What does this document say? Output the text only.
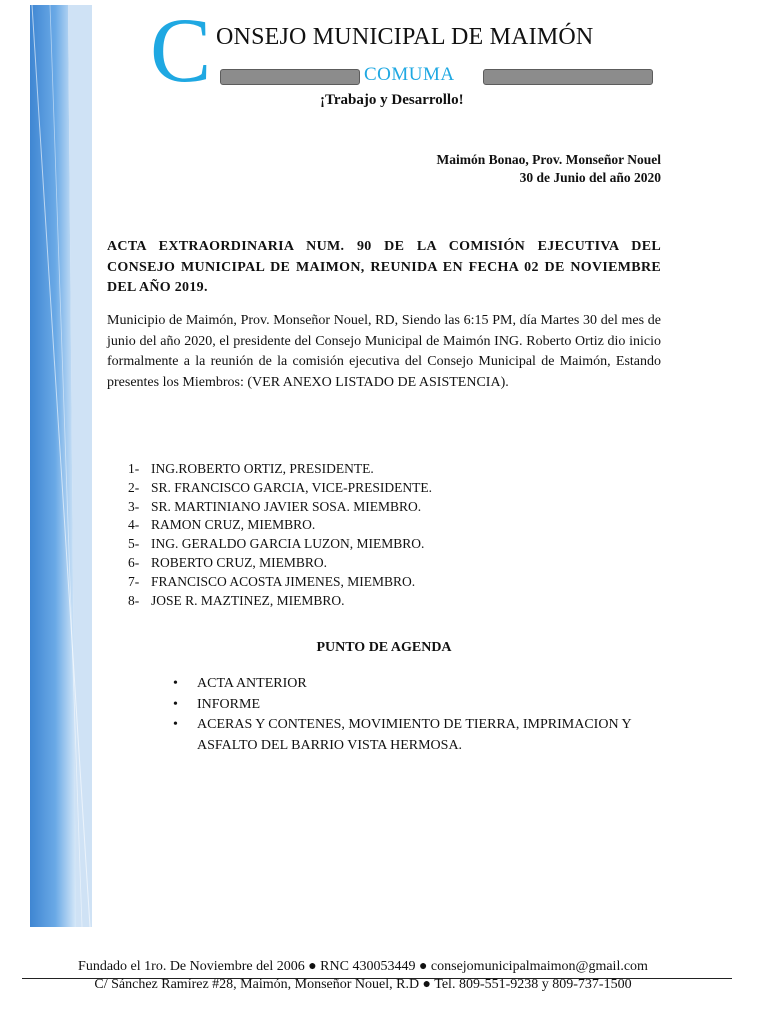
C ONSEJO MUNICIPAL DE MAIMÓN
COMUMA
¡Trabajo y Desarrollo!
Maimón Bonao, Prov. Monseñor Nouel
30 de Junio del año 2020
ACTA EXTRAORDINARIA NUM. 90 DE LA COMISIÓN EJECUTIVA DEL CONSEJO MUNICIPAL DE MAIMON, REUNIDA EN FECHA 02 DE NOVIEMBRE DEL AÑO 2019.
Municipio de Maimón, Prov. Monseñor Nouel, RD, Siendo las 6:15 PM, día Martes 30 del mes de junio del año 2020, el presidente del Consejo Municipal de Maimón ING. Roberto Ortiz dio inicio formalmente a la reunión de la comisión ejecutiva del Consejo Municipal de Maimón, Estando presentes los Miembros: (VER ANEXO LISTADO DE ASISTENCIA).
1- ING.ROBERTO ORTIZ, PRESIDENTE.
2- SR. FRANCISCO GARCIA, VICE-PRESIDENTE.
3- SR. MARTINIANO JAVIER SOSA. MIEMBRO.
4- RAMON CRUZ, MIEMBRO.
5- ING. GERALDO GARCIA LUZON, MIEMBRO.
6- ROBERTO CRUZ, MIEMBRO.
7- FRANCISCO ACOSTA JIMENES, MIEMBRO.
8- JOSE R. MAZTINEZ, MIEMBRO.
PUNTO DE AGENDA
• ACTA ANTERIOR
• INFORME
• ACERAS Y CONTENES, MOVIMIENTO DE TIERRA, IMPRIMACION Y ASFALTO DEL BARRIO VISTA HERMOSA.
Fundado el 1ro. De Noviembre del 2006 ● RNC 430053449 ● consejomunicipalmaimon@gmail.com
C/ Sánchez Ramírez #28, Maimón, Monseñor Nouel, R.D ● Tel. 809-551-9238 y 809-737-1500
